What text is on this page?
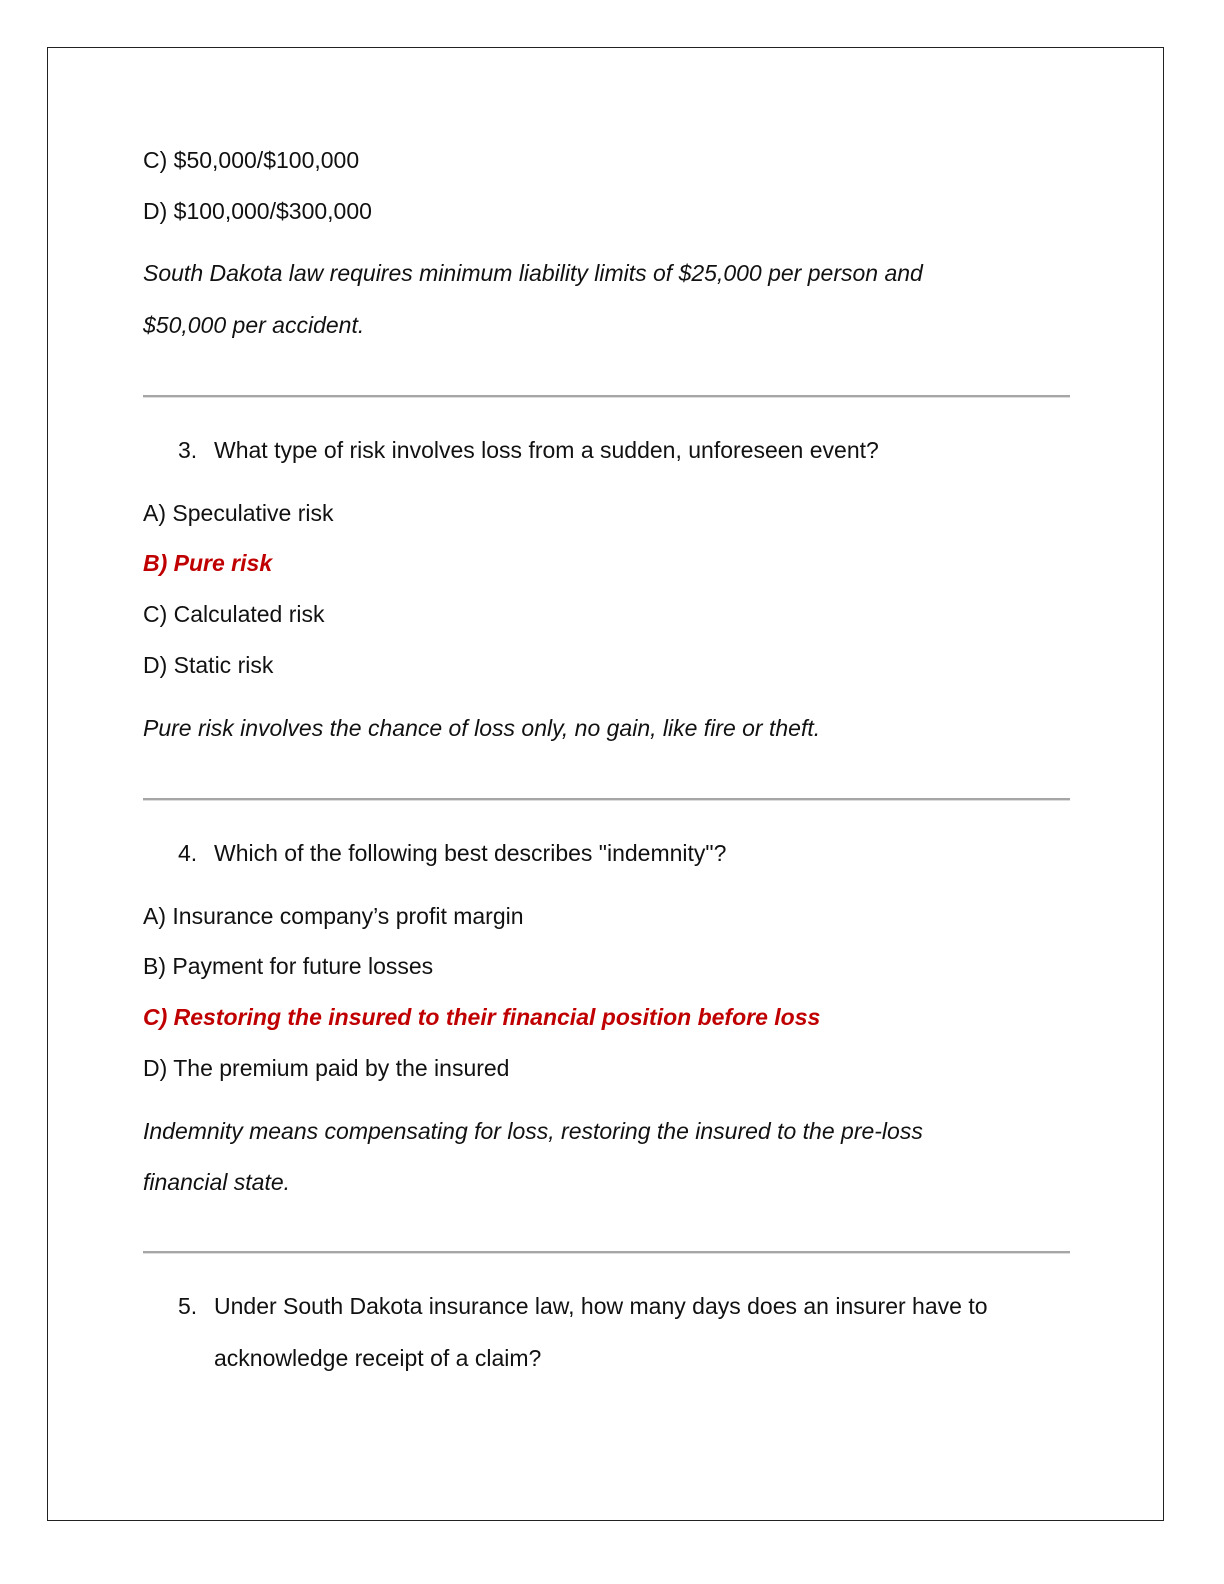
C) $50,000/$100,000
D) $100,000/$300,000
South Dakota law requires minimum liability limits of $25,000 per person and
$50,000 per accident.
3. What type of risk involves loss from a sudden, unforeseen event?
A) Speculative risk
B) Pure risk
C) Calculated risk
D) Static risk
Pure risk involves the chance of loss only, no gain, like fire or theft.
4. Which of the following best describes "indemnity"?
A) Insurance company’s profit margin
B) Payment for future losses
C) Restoring the insured to their financial position before loss
D) The premium paid by the insured
Indemnity means compensating for loss, restoring the insured to the pre-loss
financial state.
5. Under South Dakota insurance law, how many days does an insurer have to
acknowledge receipt of a claim?
